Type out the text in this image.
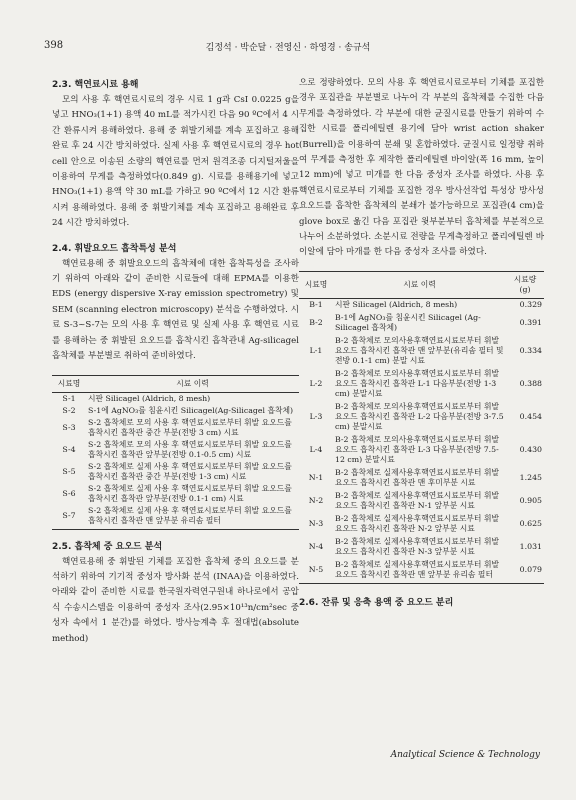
398	김정석 · 박순달 · 전영신 · 하영경 · 송규석
2.3. 핵연료시료 용해

모의 사용 후 핵연료시료의 경우 시료 1 g과 CsI 0.0225 g을 넣고 HNO₃(1+1) 용액 40 mL를 적가시킨 다음 90 ºC에서 4 시간 환류시켜 용해하였다. 용해 중 휘발기체를 계속 포집하고 용해완료 후 24 시간 방치하였다. 실제 사용 후 핵연료시료의 경우 hot cell 안으로 이송된 소량의 핵연료를 먼저 원격조종 디지털저울을 이용하여 무게를 측정하였다(0.849 g). 시료를 용해용기에 넣고 HNO₃(1+1) 용액 약 30 mL를 가하고 90 ºC에서 12 시간 환류시켜 용해하였다. 용해 중 휘발기체를 계속 포집하고 용해완료 후 24 시간 방치하였다.

2.4. 휘발요오드 흡착특성 분석

핵연료용해 중 휘발요오드의 흡착체에 대한 흡착특성을 조사하기 위하여 아래와 같이 준비한 시료들에 대해 EPMA를 이용한 EDS (energy dispersive X-ray emission spectrometry) 및 SEM (scanning electron microscopy) 분석을 수행하였다. 시료 S-3~S-7는 모의 사용 후 핵연료 및 실제 사용 후 핵연료 시료를 용해하는 중 휘발된 요오드를 흡착시킨 흡착관내 Ag-silicagel 흡착체를 부분별로 취하여 준비하였다.

시료명	시료 이력
S-1	시판 Silicagel (Aldrich, 8 mesh)
S-2	S-1에 AgNO₃를 침윤시킨 Silicagel(Ag-Silicagel 흡착체)
S-3	S-2 흡착체로 모의 사용 후 핵연료시료로부터 휘발 요오드를 흡착시킨 흡착관 중간 부분(전방 3 cm) 시료
S-4	S-2 흡착체로 모의 사용 후 핵연료시료로부터 휘발 요오드를 흡착시킨 흡착관 앞부분(전방 0.1-0.5 cm) 시료
S-5	S-2 흡착체로 실제 사용 후 핵연료시료로부터 휘발 요오드를 흡착시킨 흡착관 중간 부분(전방 1-3 cm) 시료
S-6	S-2 흡착체로 실제 사용 후 핵연료시료로부터 휘발 요오드를 흡착시킨 흡착관 앞부분(전방 0.1-1 cm) 시료
S-7	S-2 흡착체로 실제 사용 후 핵연료시료로부터 휘발 요오드를 흡착시킨 흡착관 맨 앞부분 유리솜 필터
2.5. 흡착체 중 요오드 분석

핵연료용해 중 휘발된 기체를 포집한 흡착체 중의 요오드를 분석하기 위하여 기기적 중성자 방사화 분석 (INAA)을 이용하였다. 아래와 같이 준비한 시료를 한국원자력연구원내 하나로에서 공압식 수송시스템을 이용하여 중성자 조사(2.95×10¹³n/cm²sec 중성자 속에서 1 분간)를 하였다. 방사능계측 후 절대법(absolute method)

으로 정량하였다. 모의 사용 후 핵연료시료로부터 기체를 포집한 경우 포집관을 부분별로 나누어 각 부분의 흡착체를 수집한 다음 무게를 측정하였다. 각 부분에 대한 균질시료를 만들기 위하여 수집한 시료를 폴리에틸렌 용기에 담아 wrist action shaker (Burrell)을 이용하여 분쇄 및 혼합하였다. 균질시료 일정량 취하여 무게를 측정한 후 제작한 폴리에틸렌 바이알(폭 16 mm, 높이 12 mm)에 넣고 미개를 한 다음 중성자 조사를 하였다. 사용 후 핵연료시료로부터 기체를 포집한 경우 방사선작업 특성상 방사성 요오드를 흡착한 흡착체의 분쇄가 불가능하므로 포집관(4 cm)을 glove box로 옮긴 다음 포집관 윗부분부터 흡착체를 부분적으로 나누어 소분하였다. 소분시료 전량을 무게측정하고 폴리에틸렌 바이알에 담아 마개를 한 다음 중성자 조사를 하였다.

시료명	시료 이력	시료량
(g)
B-1	시판 Silicagel (Aldrich, 8 mesh)	0.329
B-2	B-1에 AgNO₃를 침윤시킨 Silicagel (Ag-Silicagel 흡착체)	0.391
L-1	B-2 흡착체로 모의사용후핵연료시료로부터 휘발요오드 흡착시킨 흡착관 맨 앞부분(유리솜 필터 및 전방 0.1-1 cm) 분말 시료	0.334
L-2	B-2 흡착체로 모의사용후핵연료시료로부터 휘발요오드 흡착시킨 흡착관 L-1 다음부분(전방 1-3 cm) 분말시료	0.388
L-3	B-2 흡착체로 모의사용후핵연료시료로부터 휘발요오드 흡착시킨 흡착관 L-2 다음부분(전방 3-7.5 cm) 분말시료	0.454
L-4	B-2 흡착체로 모의사용후핵연료시료로부터 휘발요오드 흡착시킨 흡착관 L-3 다음부분(전방 7.5-12 cm) 분말시료	0.430
N-1	B-2 흡착체로 실제사용후핵연료시료로부터 휘발요오드 흡착시킨 흡착관 맨 후미부분 시료	1.245
N-2	B-2 흡착체로 실제사용후핵연료시료로부터 휘발요오드 흡착시킨 흡착관 N-1 앞부분 시료	0.905
N-3	B-2 흡착체로 실제사용후핵연료시료로부터 휘발요오드 흡착시킨 흡착관 N-2 앞부분 시료	0.625
N-4	B-2 흡착체로 실제사용후핵연료시료로부터 휘발요오드 흡착시킨 흡착관 N-3 앞부분 시료	1.031
N-5	B-2 흡착체로 실제사용후핵연료시료로부터 휘발요오드 흡착시킨 흡착관 맨 앞부분 유리솜 필터	0.079
2.6. 잔류 및 응축 용액 중 요오드 분리
Analytical Science & Technology
